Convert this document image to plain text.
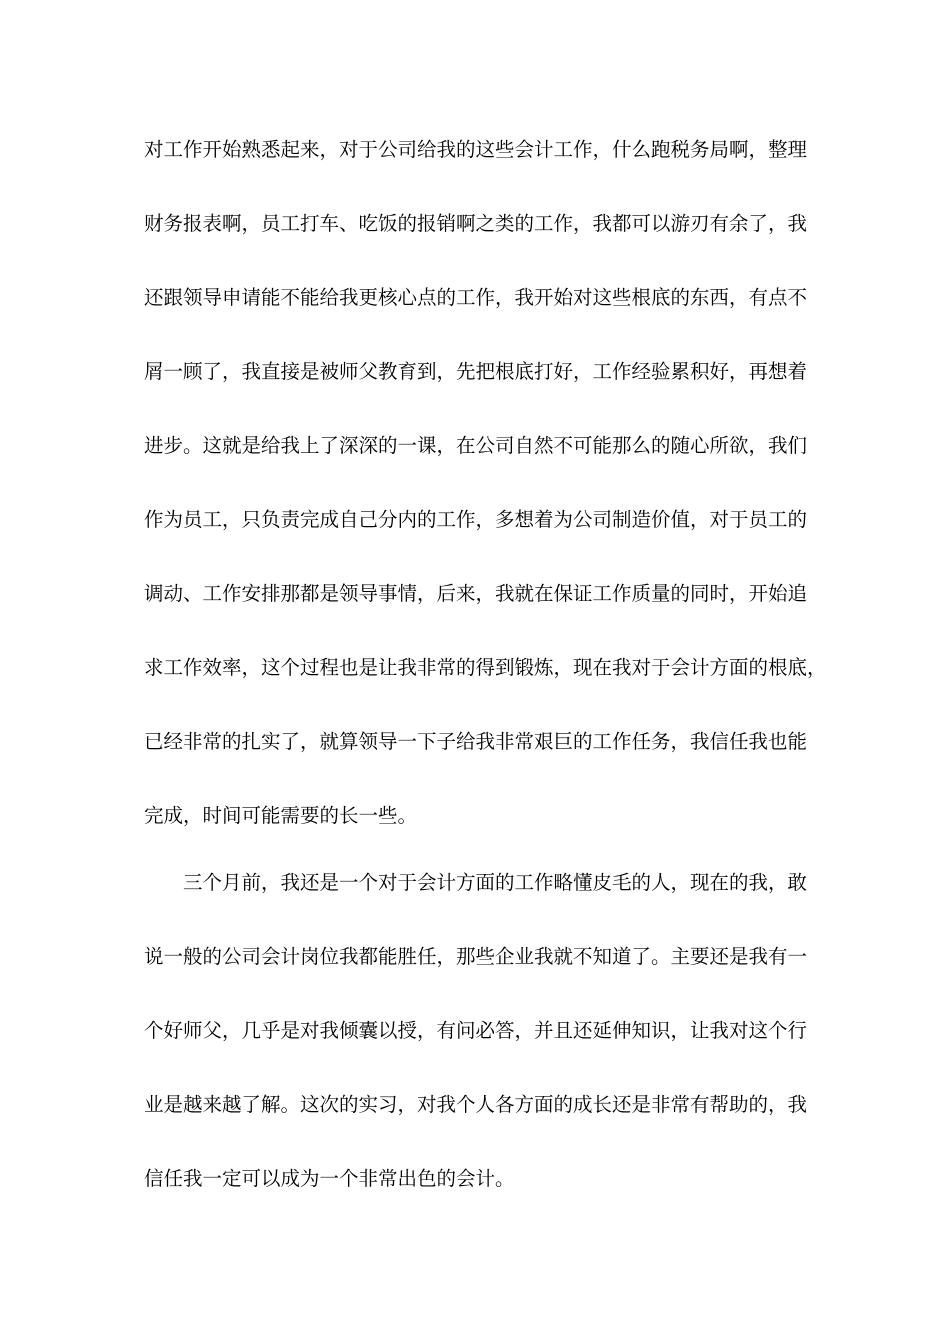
对工作开始熟悉起来，对于公司给我的这些会计工作，什么跑税务局啊，整理
财务报表啊，员工打车、吃饭的报销啊之类的工作，我都可以游刃有余了，我
还跟领导申请能不能给我更核心点的工作，我开始对这些根底的东西，有点不
屑一顾了，我直接是被师父教育到，先把根底打好，工作经验累积好，再想着
进步。这就是给我上了深深的一课，在公司自然不可能那么的随心所欲，我们
作为员工，只负责完成自己分内的工作，多想着为公司制造价值，对于员工的
调动、工作安排那都是领导事情，后来，我就在保证工作质量的同时，开始追
求工作效率，这个过程也是让我非常的得到锻炼，现在我对于会计方面的根底，
已经非常的扎实了，就算领导一下子给我非常艰巨的工作任务，我信任我也能
完成，时间可能需要的长一些。
三个月前，我还是一个对于会计方面的工作略懂皮毛的人，现在的我，敢
说一般的公司会计岗位我都能胜任，那些企业我就不知道了。主要还是我有一
个好师父，几乎是对我倾囊以授，有问必答，并且还延伸知识，让我对这个行
业是越来越了解。这次的实习，对我个人各方面的成长还是非常有帮助的，我
信任我一定可以成为一个非常出色的会计。
